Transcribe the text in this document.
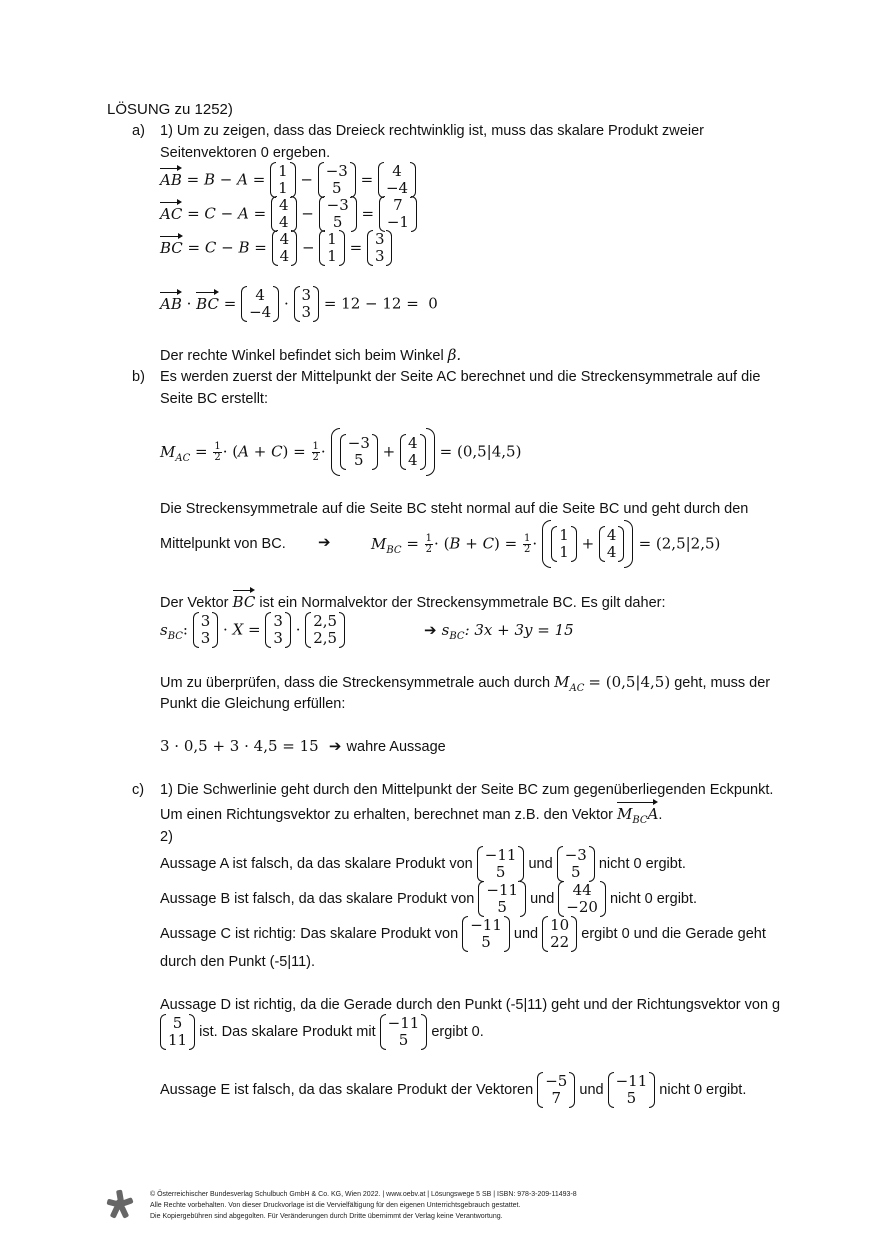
LÖSUNG zu 1252)
a) 1) Um zu zeigen, dass das Dreieck rechtwinklig ist, muss das skalare Produkt zweier
Seitenvektoren 0 ergeben.
AB
= B − A = 1
1 − −3
5 = 4
−4
AC
= C − A = 4
4 − −3
5 = 7
−1
BC
= C − B = 4
4 − 1
1 = 3
3
AB
· BC
= 4
−4 · 3
3 = 12 − 12 =  0
Der rechte Winkel befindet sich beim Winkel β.
b) Es werden zuerst der Mittelpunkt der Seite AC berechnet und die Streckensymmetrale auf die
Seite BC erstellt:
$M_{AC} = \frac{1}{2} \cdot (A + C) = \frac{1}{2} \cdot -3$
5 + 4
4 = (0,5|4,5)
Die Streckensymmetrale auf die Seite BC steht normal auf die Seite BC und geht durch den
Mittelpunkt von BC. ➔	$M_{BC} = \frac{1}{2} \cdot (B + C) = \frac{1}{2} \cdot 1$
1 + 4
4 = (2,5|2,5)
Der Vektor BC ist ein Normalvektor der Streckensymmetrale BC. Es gilt daher:
$s_{BC}$: 3
3 · X = 3
3 · 2,5
2,5	➔ $s_{BC}$: 3x + 3y = 15
Um zu überprüfen, dass die Streckensymmetrale auch durch $M_{AC} = (0,5|4,5)$ geht, muss der
Punkt die Gleichung erfüllen:
3 · 0,5 + 3 · 4,5 = 15 ➔ wahre Aussage
c) 1) Die Schwerlinie geht durch den Mittelpunkt der Seite BC zum gegenüberliegenden Eckpunkt.
Um einen Richtungsvektor zu erhalten, berechnet man z.B. den Vektor $M_{BC}A$
.
2)
Aussage A ist falsch, da das skalare Produkt von
−11
5
und
−3
5
nicht 0 ergibt.
Aussage B ist falsch, da das skalare Produkt von
−11
5
und
44
−20
nicht 0 ergibt.
Aussage C ist richtig: Das skalare Produkt von
−11
5
und
10
22
ergibt 0 und die Gerade geht
durch den Punkt (-5|11).
Aussage D ist richtig, da die Gerade durch den Punkt (-5|11) geht und der Richtungsvektor von g
5
11
ist. Das skalare Produkt mit
−11
5
ergibt 0.
Aussage E ist falsch, da das skalare Produkt der Vektoren
−5
7
und
−11
5
nicht 0 ergibt.
© Österreichischer Bundesverlag Schulbuch GmbH & Co. KG, Wien 2022. | www.oebv.at | Lösungswege 5 SB | ISBN: 978-3-209-11493-8
Alle Rechte vorbehalten. Von dieser Druckvorlage ist die Vervielfältigung für den eigenen Unterrichtsgebrauch gestattet.
Die Kopiergebühren sind abgegolten. Für Veränderungen durch Dritte übernimmt der Verlag keine Verantwortung.
